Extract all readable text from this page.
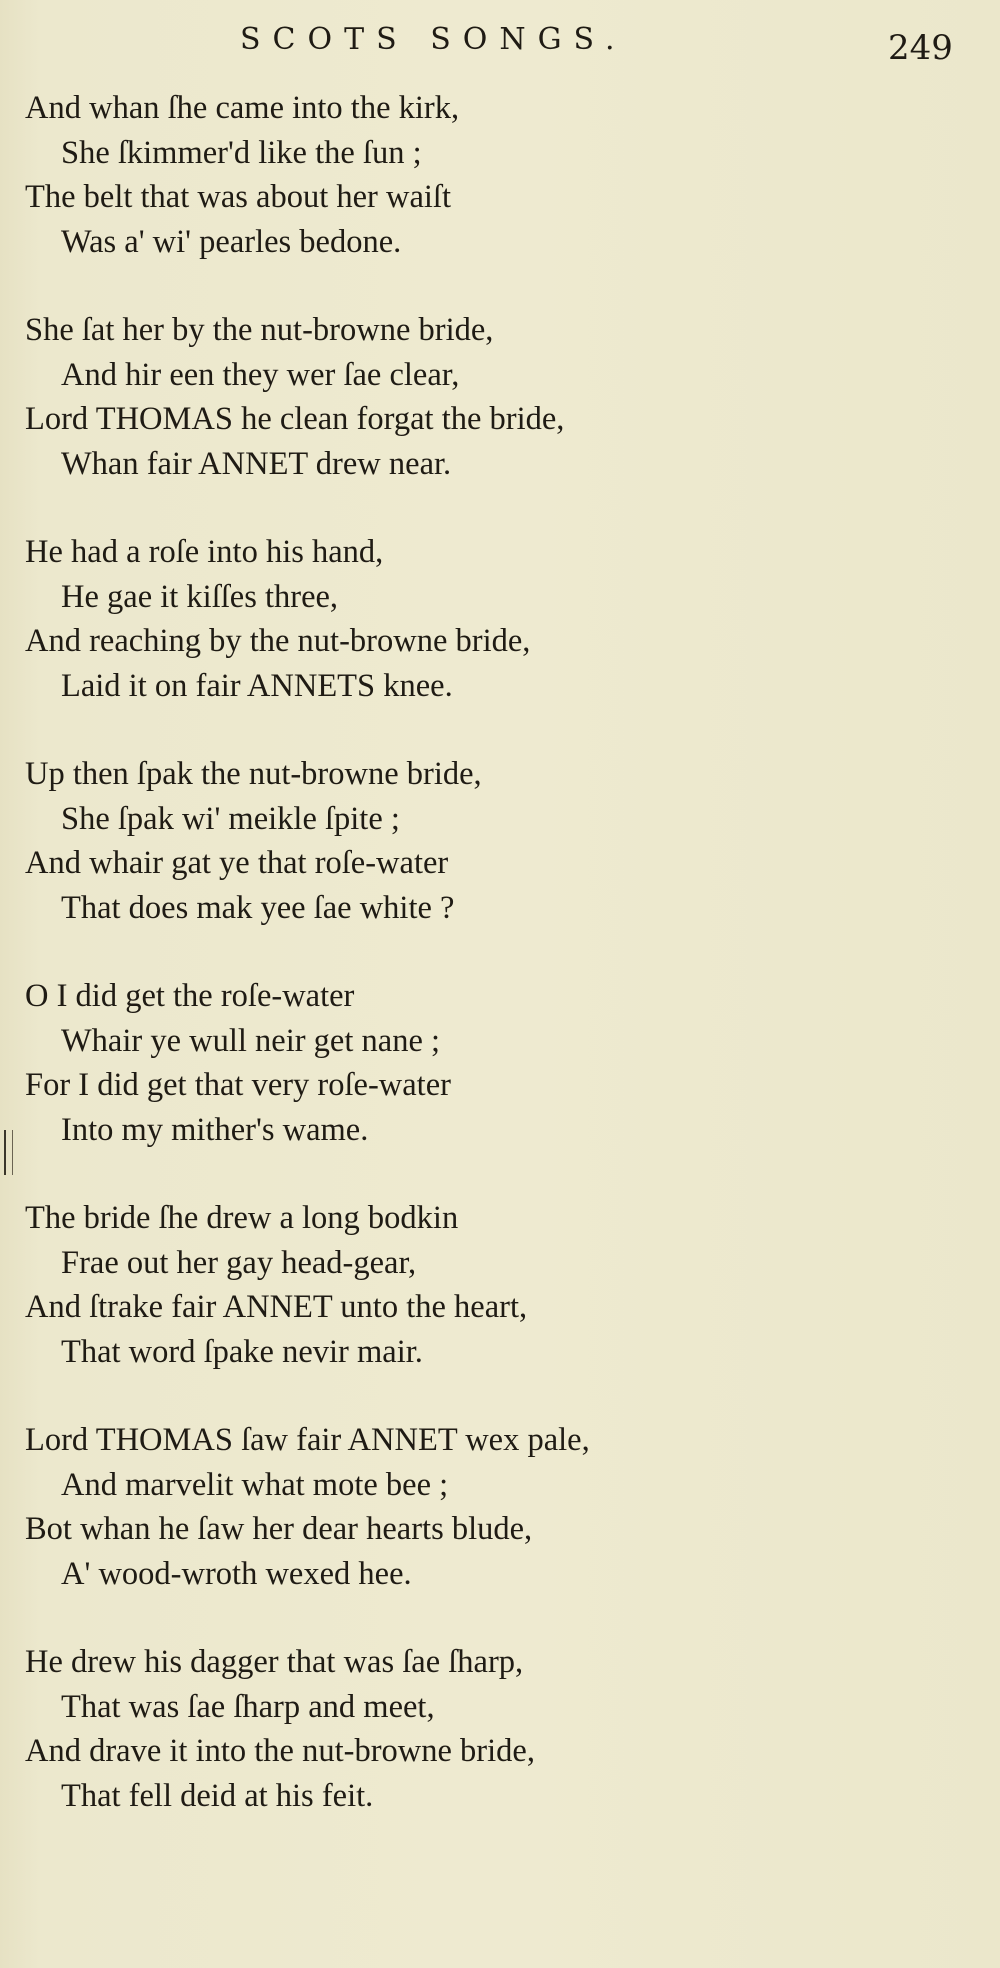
SCOTS SONGS.	249
And whan ſhe came into the kirk,
She ſkimmer'd like the ſun ;
The belt that was about her waiſt
Was a' wi' pearles bedone.
She ſat her by the nut-browne bride,
And hir een they wer ſae clear,
Lord THOMAS he clean forgat the bride,
Whan fair ANNET drew near.
He had a roſe into his hand,
He gae it kiſſes three,
And reaching by the nut-browne bride,
Laid it on fair ANNETS knee.
Up then ſpak the nut-browne bride,
She ſpak wi' meikle ſpite ;
And whair gat ye that roſe-water
That does mak yee ſae white ?
O I did get the roſe-water
Whair ye wull neir get nane ;
For I did get that very roſe-water
Into my mither's wame.
The bride ſhe drew a long bodkin
Frae out her gay head-gear,
And ſtrake fair ANNET unto the heart,
That word ſpake nevir mair.
Lord THOMAS ſaw fair ANNET wex pale,
And marvelit what mote bee ;
Bot whan he ſaw her dear hearts blude,
A' wood-wroth wexed hee.
He drew his dagger that was ſae ſharp,
That was ſae ſharp and meet,
And drave it into the nut-browne bride,
That fell deid at his feit.
